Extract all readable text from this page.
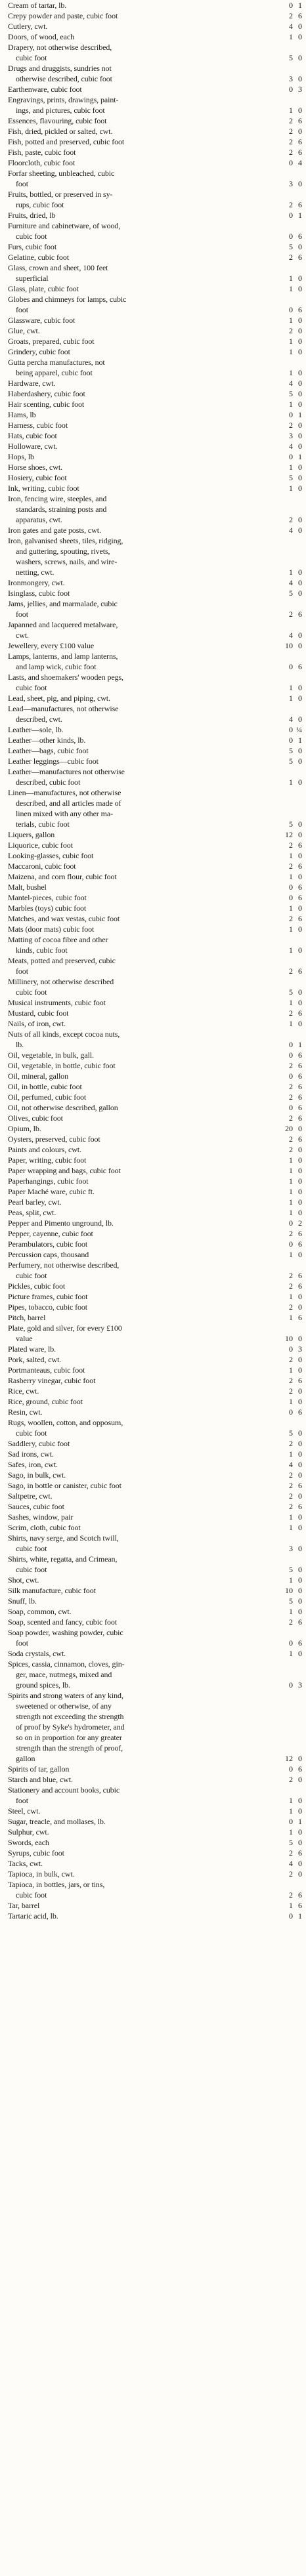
Cream of tartar, lb.	0 1
Crepy powder and paste, cubic foot	2 6
Cutlery, cwt.	4 0
Doors, of wood, each	1 0
Drapery, not otherwise described,
cubic foot	5 0
Drugs and druggists, sundries not
otherwise described, cubic foot	3 0
Earthenware, cubic foot	0 3
Engravings, prints, drawings, paint-
ings, and pictures, cubic foot	1 0
Essences, flavouring, cubic foot	2 6
Fish, dried, pickled or salted, cwt.	2 0
Fish, potted and preserved, cubic foot	2 6
Fish, paste, cubic foot	2 6
Floorcloth, cubic foot	0 4
Forfar sheeting, unbleached, cubic
foot	3 0
Fruits, bottled, or preserved in sy-
rups, cubic foot	2 6
Fruits, dried, lb	0 1
Furniture and cabinetware, of wood,
cubic foot	0 6
Furs, cubic foot	5 0
Gelatine, cubic foot	2 6
Glass, crown and sheet, 100 feet
superficial	1 0
Glass, plate, cubic foot	1 0
Globes and chimneys for lamps, cubic
foot	0 6
Glassware, cubic foot	1 0
Glue, cwt.	2 0
Groats, prepared, cubic foot	1 0
Grindery, cubic foot	1 0
Gutta percha manufactures, not
being apparel, cubic foot	1 0
Hardware, cwt.	4 0
Haberdashery, cubic foot	5 0
Hair scenting, cubic foot	1 0
Hams, lb	0 1
Harness, cubic foot	2 0
Hats, cubic foot	3 0
Holloware, cwt.	4 0
Hops, lb	0 1
Horse shoes, cwt.	1 0
Hosiery, cubic foot	5 0
Ink, writing, cubic foot	1 0
Iron, fencing wire, steeples, and
standards, straining posts and
apparatus, cwt.	2 0
Iron gates and gate posts, cwt.	4 0
Iron, galvanised sheets, tiles, ridging,
and guttering, spouting, rivets,
washers, screws, nails, and wire-
netting, cwt.	1 0
Ironmongery, cwt.	4 0
Isinglass, cubic foot	5 0
Jams, jellies, and marmalade, cubic
foot	2 6
Japanned and lacquered metalware,
cwt.	4 0
Jewellery, every £100 value	10 0
Lamps, lanterns, and lamp lanterns,
and lamp wick, cubic foot	0 6
Lasts, and shoemakers' wooden pegs,
cubic foot	1 0
Lead, sheet, pig, and piping, cwt.	1 0
Lead—manufactures, not otherwise
described, cwt.	4 0
Leather—sole, lb.	0 ¼
Leather—other kinds, lb.	0 1
Leather—bags, cubic foot	5 0
Leather leggings—cubic foot	5 0
Leather—manufactures not otherwise
described, cubic foot	1 0
Linen—manufactures, not otherwise
described, and all articles made of
linen mixed with any other ma-
terials, cubic foot	5 0
Liquers, gallon	12 0
Liquorice, cubic foot	2 6
Looking-glasses, cubic foot	1 0
Maccaroni, cubic foot	2 6
Maizena, and corn flour, cubic foot	1 0
Malt, bushel	0 6
Mantel-pieces, cubic foot	0 6
Marbles (toys) cubic foot	1 0
Matches, and wax vestas, cubic foot	2 6
Mats (door mats) cubic foot	1 0
Matting of cocoa fibre and other
kinds, cubic foot	1 0
Meats, potted and preserved, cubic
foot	2 6
Millinery, not otherwise described
cubic foot	5 0
Musical instruments, cubic foot	1 0
Mustard, cubic foot	2 6
Nails, of iron, cwt.	1 0
Nuts of all kinds, except cocoa nuts,
lb.	0 1
Oil, vegetable, in bulk, gall.	0 6
Oil, vegetable, in bottle, cubic foot	2 6
Oil, mineral, gallon	0 6
Oil, in bottle, cubic foot	2 6
Oil, perfumed, cubic foot	2 6
Oil, not otherwise described, gallon	0 6
Olives, cubic foot	2 6
Opium, lb.	20 0
Oysters, preserved, cubic foot	2 6
Paints and colours, cwt.	2 0
Paper, writing, cubic foot	1 0
Paper wrapping and bags, cubic foot	1 0
Paperhangings, cubic foot	1 0
Paper Maché ware, cubic ft.	1 0
Pearl barley, cwt.	1 0
Peas, split, cwt.	1 0
Pepper and Pimento unground, lb.	0 2
Pepper, cayenne, cubic foot	2 6
Perambulators, cubic foot	0 6
Percussion caps, thousand	1 0
Perfumery, not otherwise described,
cubic foot	2 6
Pickles, cubic foot	2 6
Picture frames, cubic foot	1 0
Pipes, tobacco, cubic foot	2 0
Pitch, barrel	1 6
Plate, gold and silver, for every £100
value	10 0
Plated ware, lb.	0 3
Pork, salted, cwt.	2 0
Portmanteaus, cubic foot	1 0
Rasberry vinegar, cubic foot	2 6
Rice, cwt.	2 0
Rice, ground, cubic foot	1 0
Resin, cwt.	0 6
Rugs, woollen, cotton, and opposum,
cubic foot	5 0
Saddlery, cubic foot	2 0
Sad irons, cwt.	1 0
Safes, iron, cwt.	4 0
Sago, in bulk, cwt.	2 0
Sago, in bottle or canister, cubic foot	2 6
Saltpetre, cwt.	2 0
Sauces, cubic foot	2 6
Sashes, window, pair	1 0
Scrim, cloth, cubic foot	1 0
Shirts, navy serge, and Scotch twill,
cubic foot	3 0
Shirts, white, regatta, and Crimean,
cubic foot	5 0
Shot, cwt.	1 0
Silk manufacture, cubic foot	10 0
Snuff, lb.	5 0
Soap, common, cwt.	1 0
Soap, scented and fancy, cubic foot	2 6
Soap powder, washing powder, cubic
foot	0 6
Soda crystals, cwt.	1 0
Spices, cassia, cinnamon, cloves, gin-
ger, mace, nutmegs, mixed and
ground spices, lb.	0 3
Spirits and strong waters of any kind,
sweetened or otherwise, of any
strength not exceeding the strength
of proof by Syke's hydrometer, and
so on in proportion for any greater
strength than the strength of proof,
gallon	12 0
Spirits of tar, gallon	0 6
Starch and blue, cwt.	2 0
Stationery and account books, cubic
foot	1 0
Steel, cwt.	1 0
Sugar, treacle, and mollases, lb.	0 1
Sulphur, cwt.	1 0
Swords, each	5 0
Syrups, cubic foot	2 6
Tacks, cwt.	4 0
Tapioca, in bulk, cwt.	2 0
Tapioca, in bottles, jars, or tins,
cubic foot	2 6
Tar, barrel	1 6
Tartaric acid, lb.	0 1
